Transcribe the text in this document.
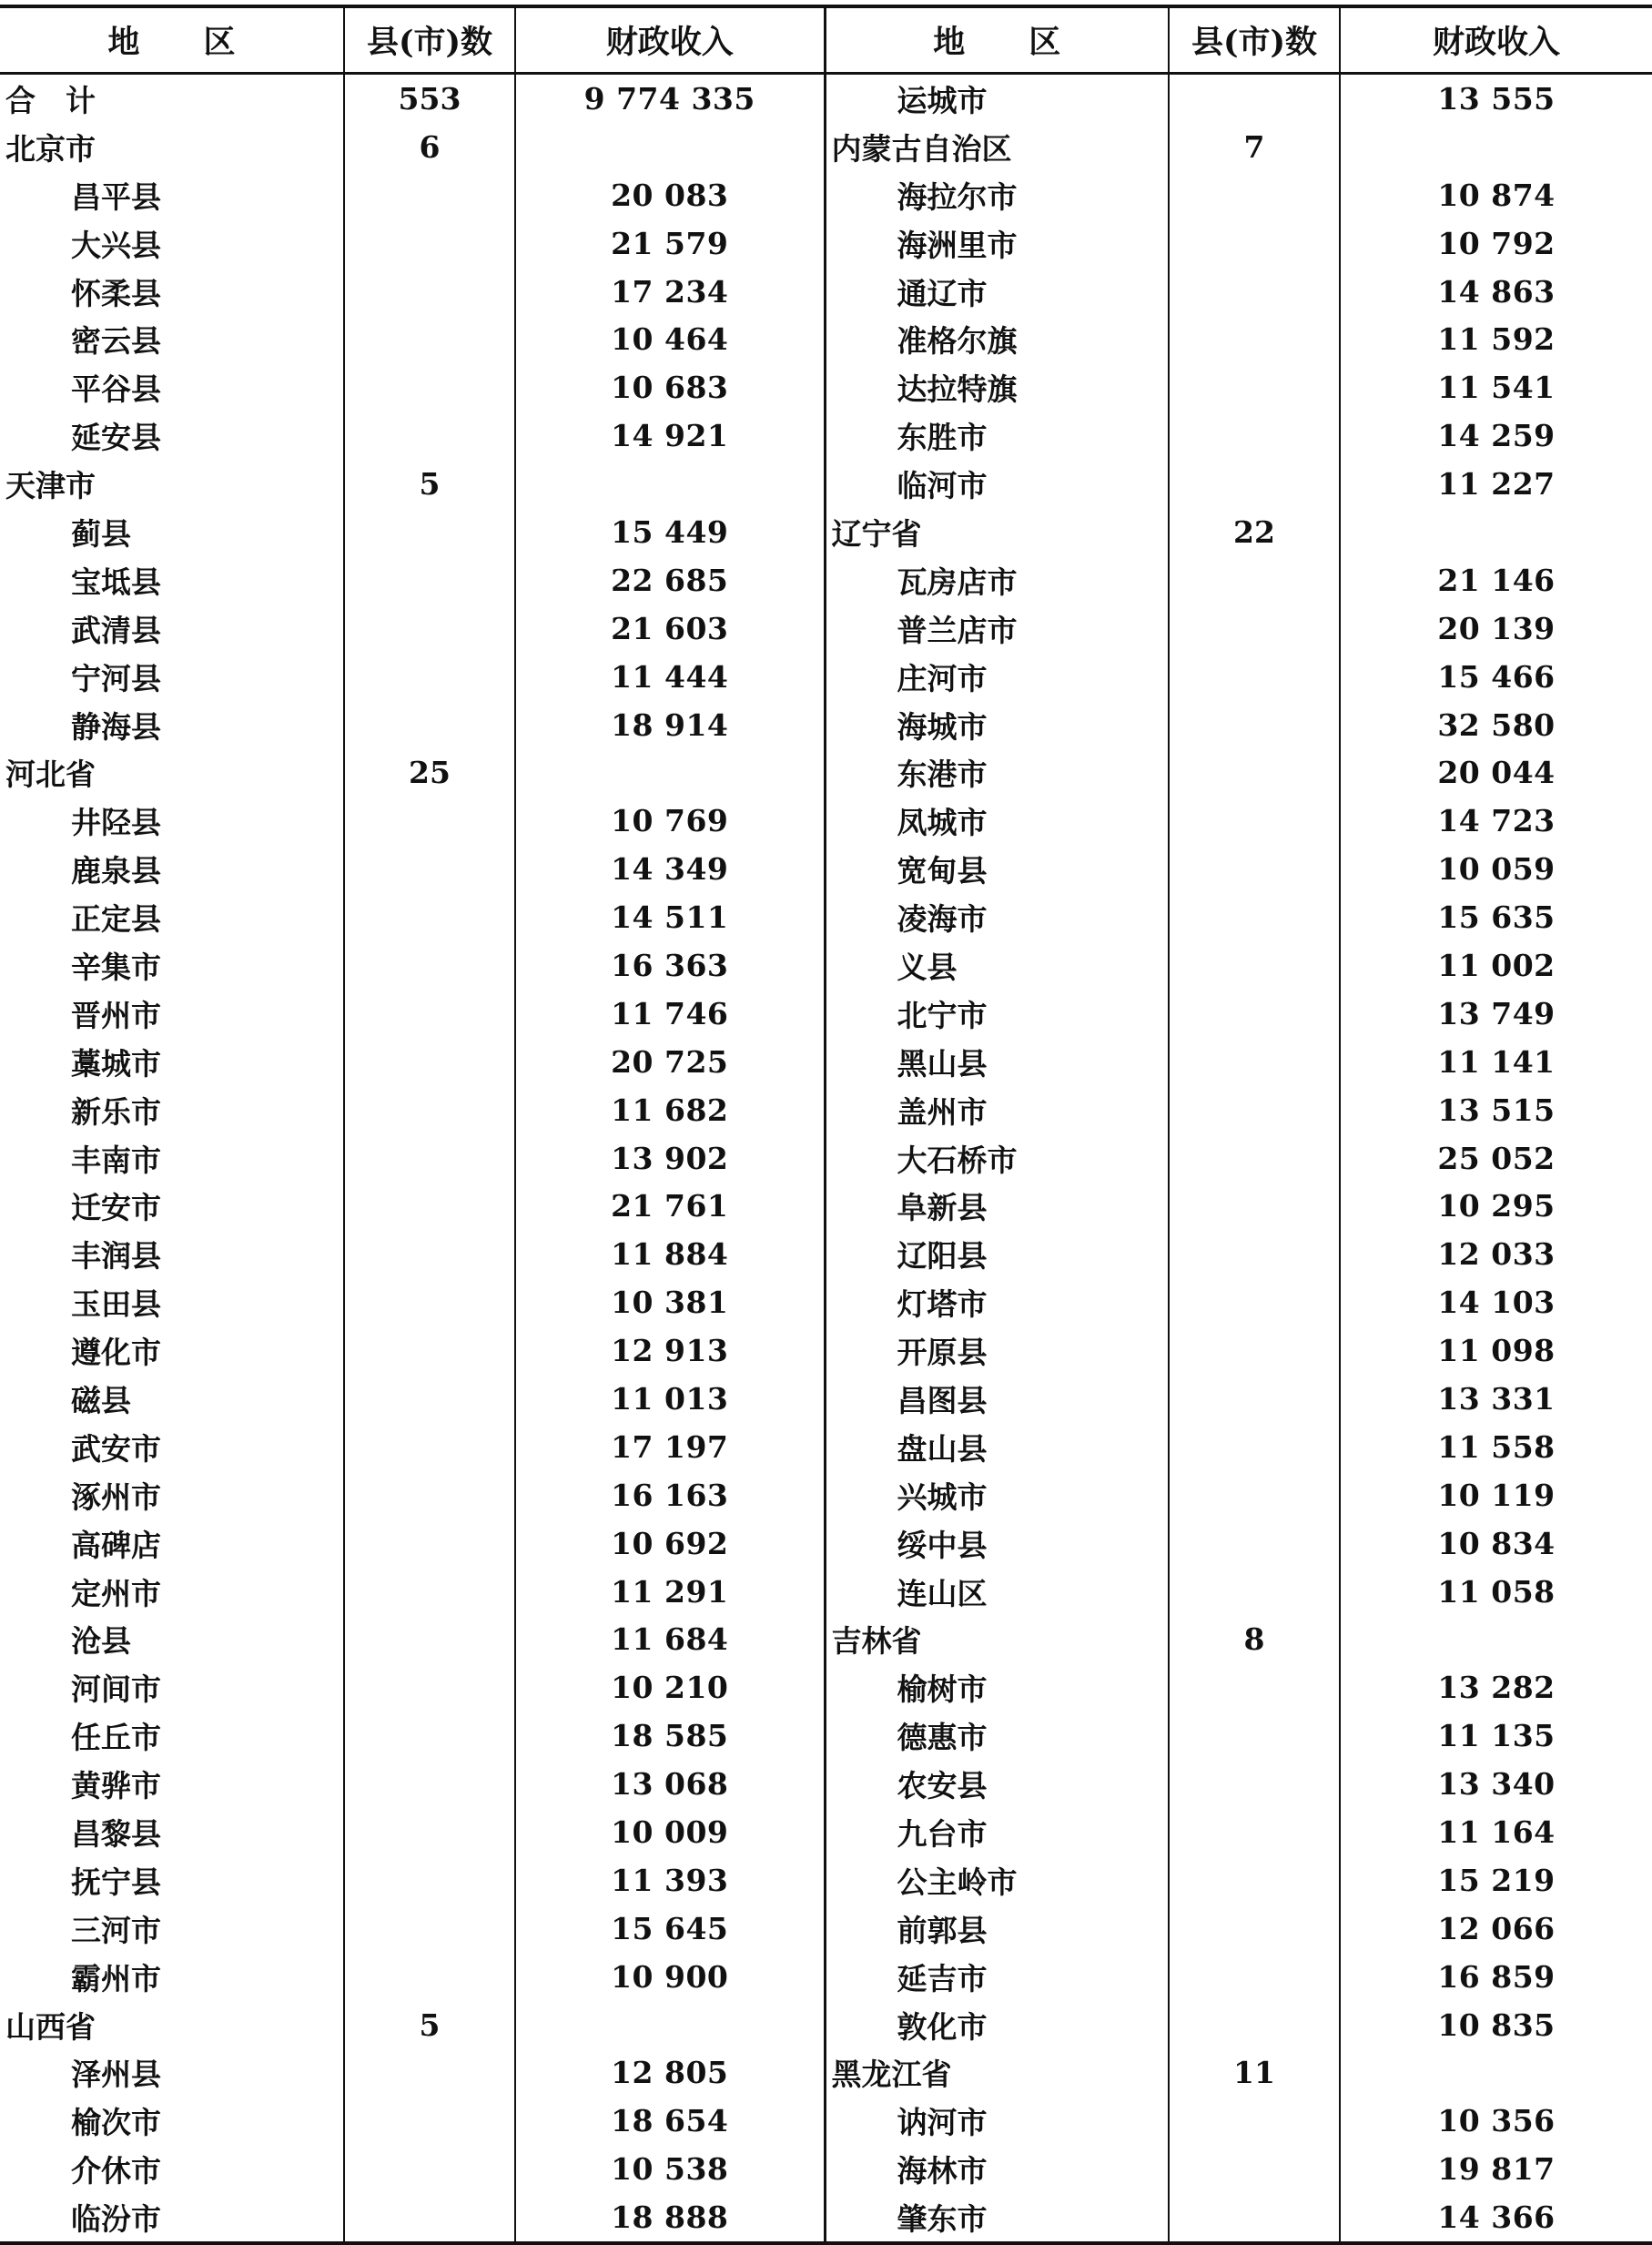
地　　区	县(市)数	财政收入	地　　区	县(市)数	财政收入
合　计	553	9 774 335	运城市		13 555
北京市	6		内蒙古自治区	7	
昌平县		20 083	海拉尔市		10 874
大兴县		21 579	海洲里市		10 792
怀柔县		17 234	通辽市		14 863
密云县		10 464	准格尔旗		11 592
平谷县		10 683	达拉特旗		11 541
延安县		14 921	东胜市		14 259
天津市	5		临河市		11 227
蓟县		15 449	辽宁省	22	
宝坻县		22 685	瓦房店市		21 146
武清县		21 603	普兰店市		20 139
宁河县		11 444	庄河市		15 466
静海县		18 914	海城市		32 580
河北省	25		东港市		20 044
井陉县		10 769	凤城市		14 723
鹿泉县		14 349	宽甸县		10 059
正定县		14 511	凌海市		15 635
辛集市		16 363	义县		11 002
晋州市		11 746	北宁市		13 749
藁城市		20 725	黑山县		11 141
新乐市		11 682	盖州市		13 515
丰南市		13 902	大石桥市		25 052
迁安市		21 761	阜新县		10 295
丰润县		11 884	辽阳县		12 033
玉田县		10 381	灯塔市		14 103
遵化市		12 913	开原县		11 098
磁县		11 013	昌图县		13 331
武安市		17 197	盘山县		11 558
涿州市		16 163	兴城市		10 119
高碑店		10 692	绥中县		10 834
定州市		11 291	连山区		11 058
沧县		11 684	吉林省	8	
河间市		10 210	榆树市		13 282
任丘市		18 585	德惠市		11 135
黄骅市		13 068	农安县		13 340
昌黎县		10 009	九台市		11 164
抚宁县		11 393	公主岭市		15 219
三河市		15 645	前郭县		12 066
霸州市		10 900	延吉市		16 859
山西省	5		敦化市		10 835
泽州县		12 805	黑龙江省	11	
榆次市		18 654	讷河市		10 356
介休市		10 538	海林市		19 817
临汾市		18 888	肇东市		14 366
